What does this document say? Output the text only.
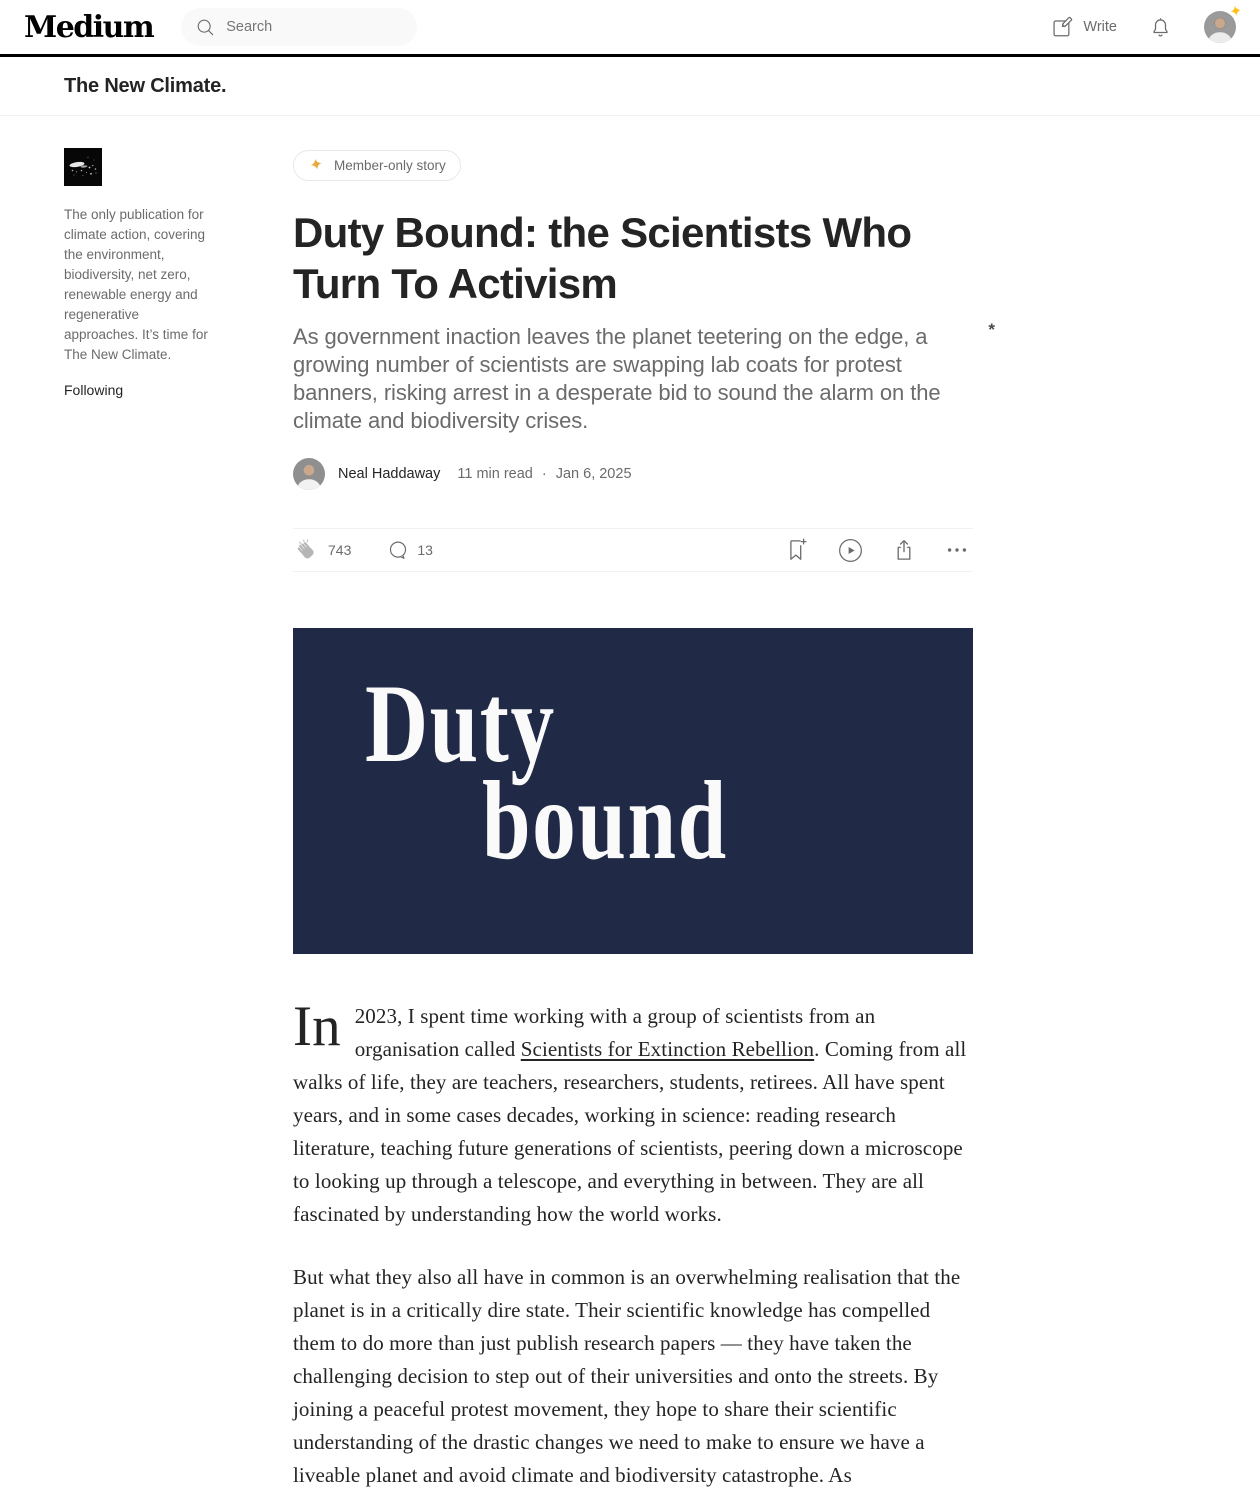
Medium
Search	Write
The New Climate.

The only publication for climate action, covering the environment, biodiversity, net zero, renewable energy and regenerative approaches. It’s time for The New Climate.

Following
Member-only story
Duty Bound: the Scientists Who Turn To Activism
As government inaction leaves the planet teetering on the edge, a growing number of scientists are swapping lab coats for protest banners, risking arrest in a desperate bid to sound the alarm on the climate and biodiversity crises.
*
Neal Haddaway 11 min read · Jan 6, 2025
743	13
Duty
bound

In 2023, I spent time working with a group of scientists from an organisation called Scientists for Extinction Rebellion. Coming from all walks of life, they are teachers, researchers, students, retirees. All have spent years, and in some cases decades, working in science: reading research literature, teaching future generations of scientists, peering down a microscope to looking up through a telescope, and everything in between. They are all fascinated by understanding how the world works.

But what they also all have in common is an overwhelming realisation that the planet is in a critically dire state. Their scientific knowledge has compelled them to do more than just publish research papers — they have taken the challenging decision to step out of their universities and onto the streets. By joining a peaceful protest movement, they hope to share their scientific understanding of the drastic changes we need to make to ensure we have a liveable planet and avoid climate and biodiversity catastrophe. As
